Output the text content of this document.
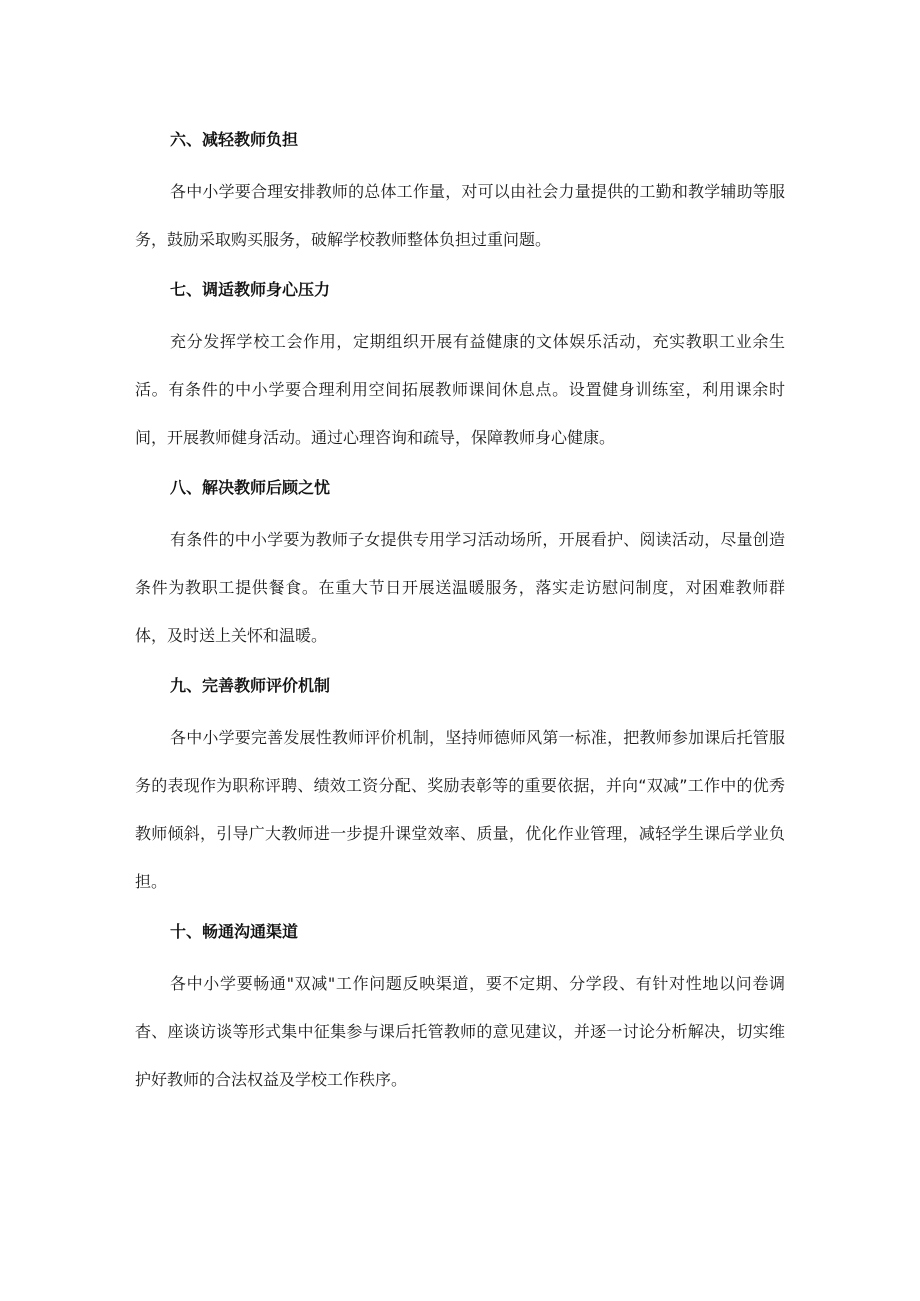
六、减轻教师负担

各中小学要合理安排教师的总体工作量，对可以由社会力量提供的工勤和教学辅助等服务，鼓励采取购买服务，破解学校教师整体负担过重问题。

七、调适教师身心压力

充分发挥学校工会作用，定期组织开展有益健康的文体娱乐活动，充实教职工业余生活。有条件的中小学要合理利用空间拓展教师课间休息点。设置健身训练室，利用课余时间，开展教师健身活动。通过心理咨询和疏导，保障教师身心健康。

八、解决教师后顾之忧

有条件的中小学要为教师子女提供专用学习活动场所，开展看护、阅读活动，尽量创造条件为教职工提供餐食。在重大节日开展送温暖服务，落实走访慰问制度，对困难教师群体，及时送上关怀和温暖。

九、完善教师评价机制

各中小学要完善发展性教师评价机制，坚持师德师风第一标准，把教师参加课后托管服务的表现作为职称评聘、绩效工资分配、奖励表彰等的重要依据，并向“双减”工作中的优秀教师倾斜，引导广大教师进一步提升课堂效率、质量，优化作业管理，减轻学生课后学业负担。

十、畅通沟通渠道

各中小学要畅通"双减"工作问题反映渠道，要不定期、分学段、有针对性地以问卷调杳、座谈访谈等形式集中征集参与课后托管教师的意见建议，并逐一讨论分析解决，切实维护好教师的合法权益及学校工作秩序。
